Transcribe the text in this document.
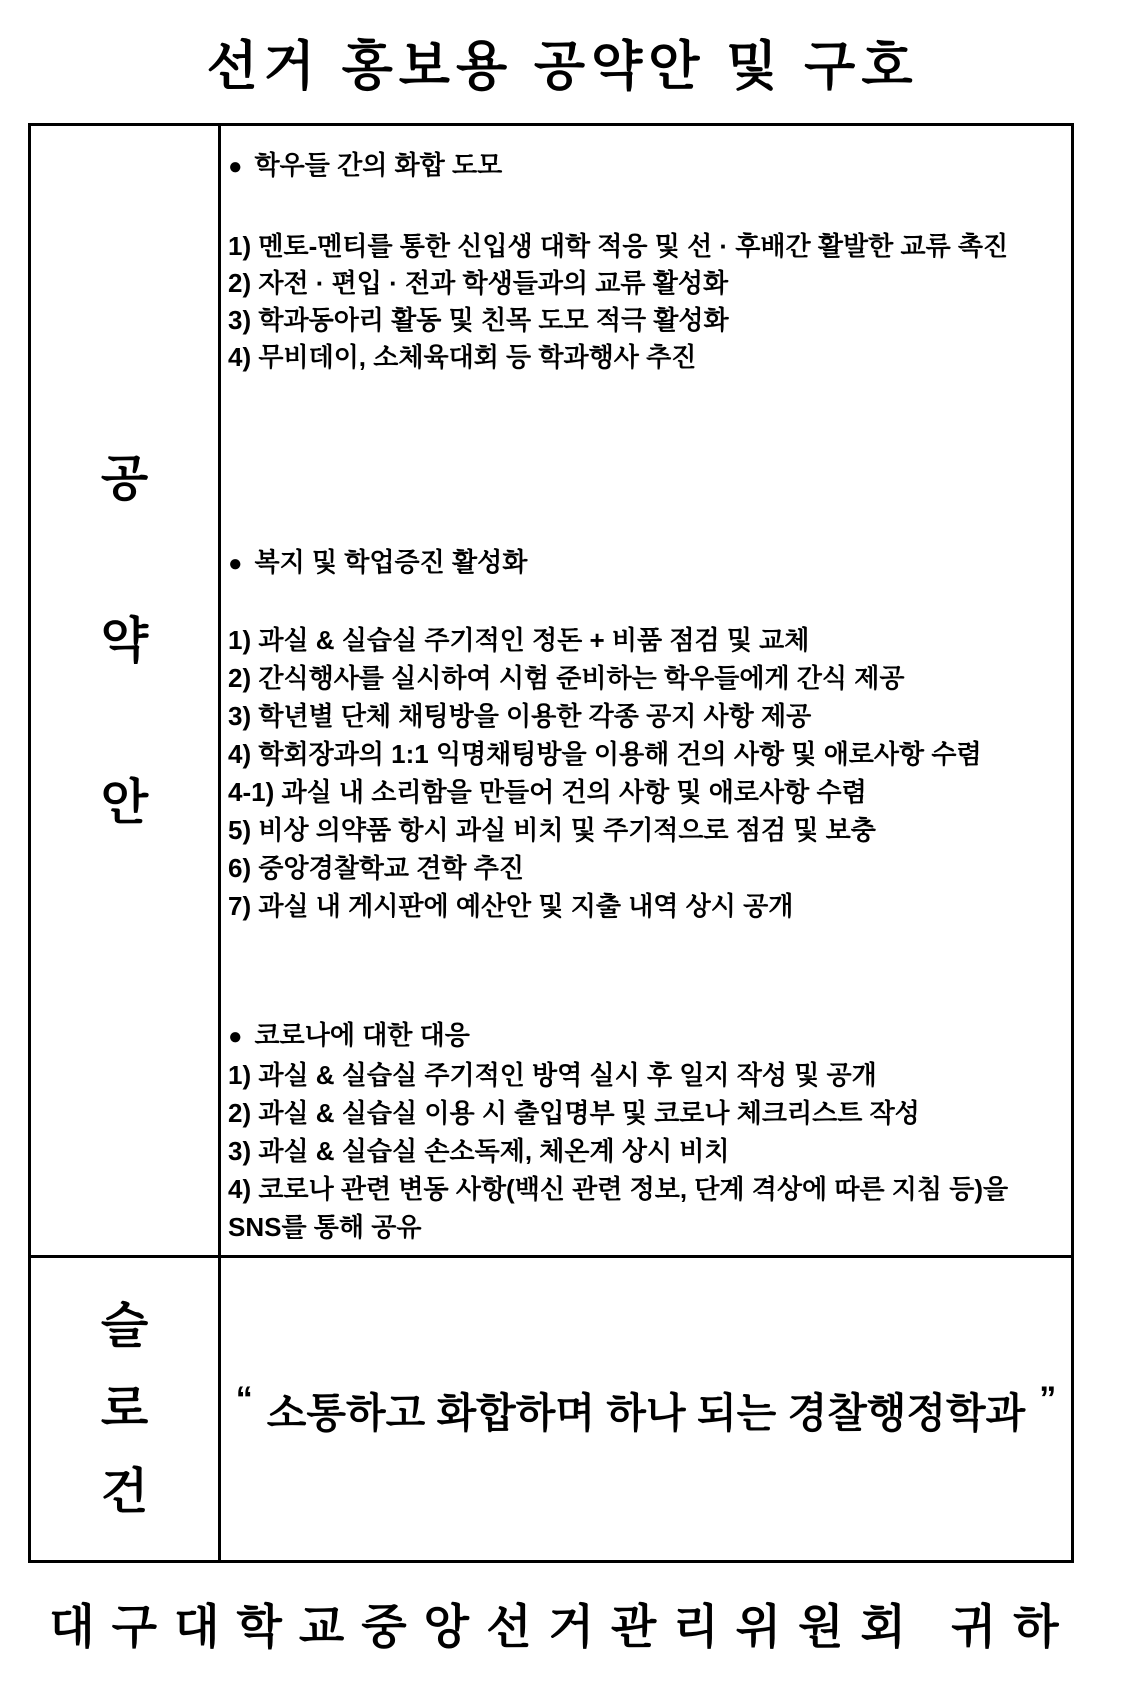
선거 홍보용 공약안 및 구호
공
약
안
● 학우들 간의 화합 도모
1) 멘토-멘티를 통한 신입생 대학 적응 및 선 · 후배간 활발한 교류 촉진
2) 자전 · 편입 · 전과 학생들과의 교류 활성화
3) 학과동아리 활동 및 친목 도모 적극 활성화
4) 무비데이, 소체육대회 등 학과행사 추진
● 복지 및 학업증진 활성화
1) 과실 & 실습실 주기적인 정돈 + 비품 점검 및 교체
2) 간식행사를 실시하여 시험 준비하는 학우들에게 간식 제공
3) 학년별 단체 채팅방을 이용한 각종 공지 사항 제공
4) 학회장과의 1:1 익명채팅방을 이용해 건의 사항 및 애로사항 수렴
4-1) 과실 내 소리함을 만들어 건의 사항 및 애로사항 수렴
5) 비상 의약품 항시 과실 비치 및 주기적으로 점검 및 보충
6) 중앙경찰학교 견학 추진
7) 과실 내 게시판에 예산안 및 지출 내역 상시 공개
● 코로나에 대한 대응
1) 과실 & 실습실 주기적인 방역 실시 후 일지 작성 및 공개
2) 과실 & 실습실 이용 시 출입명부 및 코로나 체크리스트 작성
3) 과실 & 실습실 손소독제, 체온계 상시 비치
4) 코로나 관련 변동 사항(백신 관련 정보, 단계 격상에 따른 지침 등)을 SNS를 통해 공유
슬
로
건
“ 소통하고 화합하며 하나 되는 경찰행정학과 ”
대구대학교중앙선거관리위원회 귀하
